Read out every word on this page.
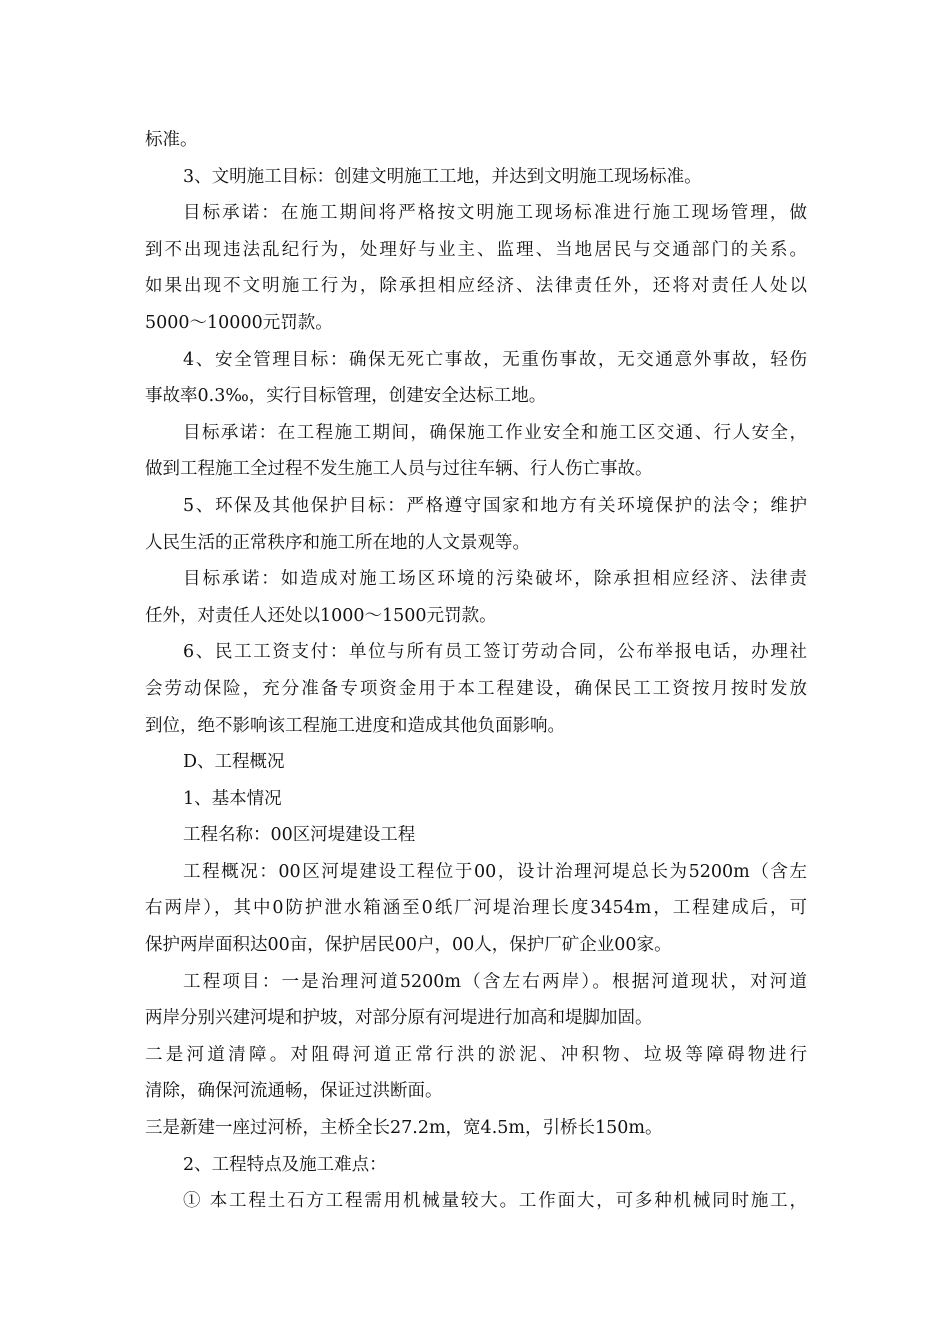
标准。
3、文明施工目标：创建文明施工工地，并达到文明施工现场标准。
目标承诺：在施工期间将严格按文明施工现场标准进行施工现场管理，做
到不出现违法乱纪行为，处理好与业主、监理、当地居民与交通部门的关系。
如果出现不文明施工行为，除承担相应经济、法律责任外，还将对责任人处以
5000～10000元罚款。
4、安全管理目标：确保无死亡事故，无重伤事故，无交通意外事故，轻伤
事故率0.3‰，实行目标管理，创建安全达标工地。
目标承诺：在工程施工期间，确保施工作业安全和施工区交通、行人安全，
做到工程施工全过程不发生施工人员与过往车辆、行人伤亡事故。
5、环保及其他保护目标：严格遵守国家和地方有关环境保护的法令；维护
人民生活的正常秩序和施工所在地的人文景观等。
目标承诺：如造成对施工场区环境的污染破坏，除承担相应经济、法律责
任外，对责任人还处以1000～1500元罚款。
6、民工工资支付：单位与所有员工签订劳动合同，公布举报电话，办理社
会劳动保险，充分准备专项资金用于本工程建设，确保民工工资按月按时发放
到位，绝不影响该工程施工进度和造成其他负面影响。
D、工程概况
1、基本情况
工程名称：00区河堤建设工程
工程概况：00区河堤建设工程位于00，设计治理河堤总长为5200m（含左
右两岸），其中0防护泄水箱涵至0纸厂河堤治理长度3454m，工程建成后，可
保护两岸面积达00亩，保护居民00户，00人，保护厂矿企业00家。
工程项目：一是治理河道5200m（含左右两岸）。根据河道现状，对河道
两岸分别兴建河堤和护坡，对部分原有河堤进行加高和堤脚加固。
二是河道清障。对阻碍河道正常行洪的淤泥、冲积物、垃圾等障碍物进行
清除，确保河流通畅，保证过洪断面。
三是新建一座过河桥，主桥全长27.2m，宽4.5m，引桥长150m。
2、工程特点及施工难点：
① 本工程土石方工程需用机械量较大。工作面大，可多种机械同时施工，
